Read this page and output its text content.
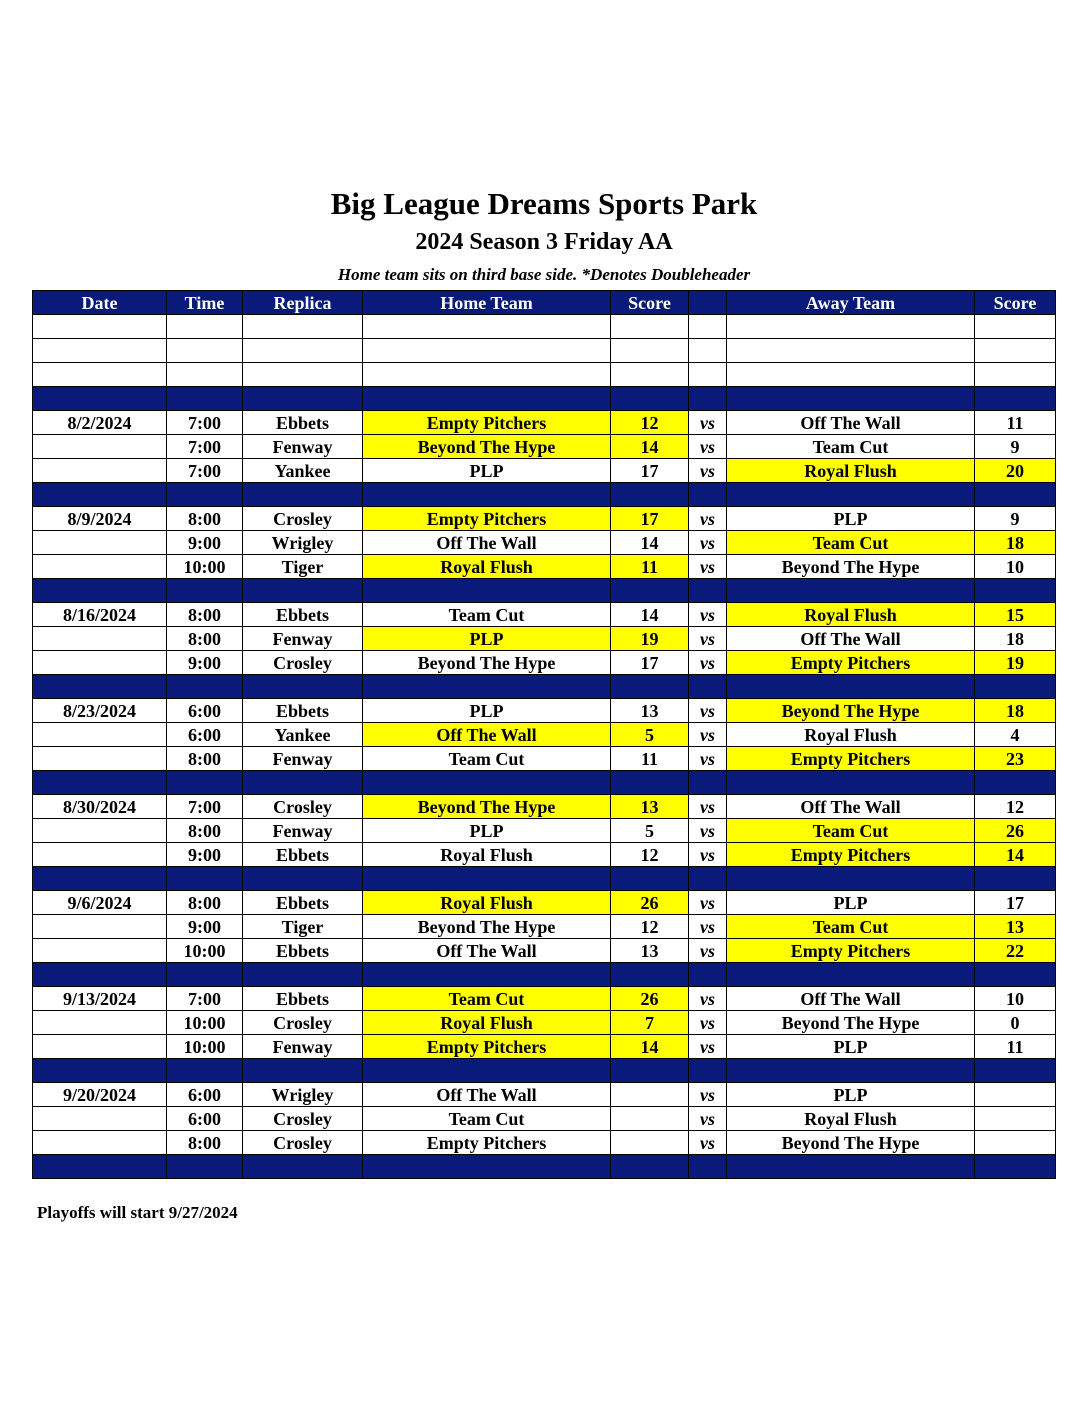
Big League Dreams Sports Park
2024 Season 3 Friday AA
Home team sits on third base side. *Denotes Doubleheader
Date	Time	Replica	Home Team	Score		Away Team	Score

8/2/2024	7:00	Ebbets	Empty Pitchers	12	vs	Off The Wall	11
	7:00	Fenway	Beyond The Hype	14	vs	Team Cut	9
	7:00	Yankee	PLP	17	vs	Royal Flush	20

8/9/2024	8:00	Crosley	Empty Pitchers	17	vs	PLP	9
	9:00	Wrigley	Off The Wall	14	vs	Team Cut	18
	10:00	Tiger	Royal Flush	11	vs	Beyond The Hype	10

8/16/2024	8:00	Ebbets	Team Cut	14	vs	Royal Flush	15
	8:00	Fenway	PLP	19	vs	Off The Wall	18
	9:00	Crosley	Beyond The Hype	17	vs	Empty Pitchers	19

8/23/2024	6:00	Ebbets	PLP	13	vs	Beyond The Hype	18
	6:00	Yankee	Off The Wall	5	vs	Royal Flush	4
	8:00	Fenway	Team Cut	11	vs	Empty Pitchers	23

8/30/2024	7:00	Crosley	Beyond The Hype	13	vs	Off The Wall	12
	8:00	Fenway	PLP	5	vs	Team Cut	26
	9:00	Ebbets	Royal Flush	12	vs	Empty Pitchers	14

9/6/2024	8:00	Ebbets	Royal Flush	26	vs	PLP	17
	9:00	Tiger	Beyond The Hype	12	vs	Team Cut	13
	10:00	Ebbets	Off The Wall	13	vs	Empty Pitchers	22

9/13/2024	7:00	Ebbets	Team Cut	26	vs	Off The Wall	10
	10:00	Crosley	Royal Flush	7	vs	Beyond The Hype	0
	10:00	Fenway	Empty Pitchers	14	vs	PLP	11

9/20/2024	6:00	Wrigley	Off The Wall		vs	PLP	
	6:00	Crosley	Team Cut		vs	Royal Flush	
	8:00	Crosley	Empty Pitchers		vs	Beyond The Hype	

Playoffs will start 9/27/2024
